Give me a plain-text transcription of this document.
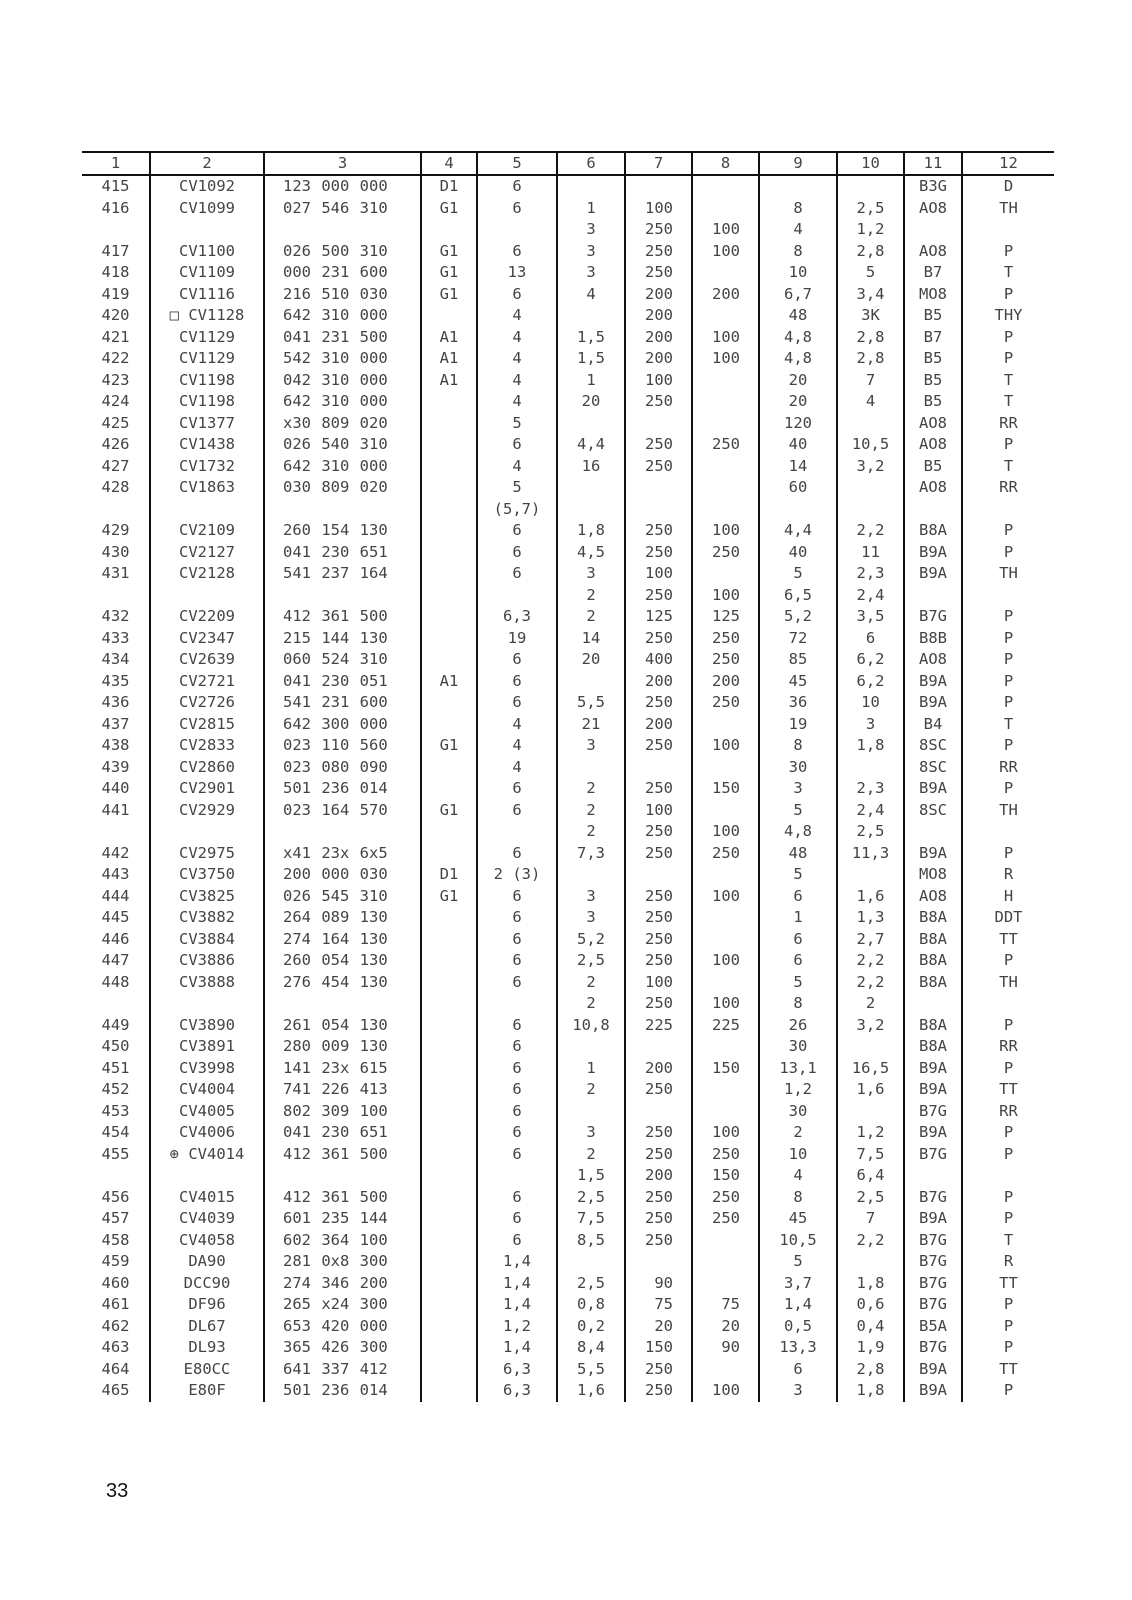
1	2	3	4	5	6	7	8	9	10	11	12
415	CV1092	123 000 000	D1	6						B3G	D
416	CV1099	027 546 310	G1	6	1	100		8	2,5	AO8	TH
					3	250	100	4	1,2		
417	CV1100	026 500 310	G1	6	3	250	100	8	2,8	AO8	P
418	CV1109	000 231 600	G1	13	3	250		10	5	B7	T
419	CV1116	216 510 030	G1	6	4	200	200	6,7	3,4	MO8	P
420	□ CV1128	642 310 000		4		200		48	3K	B5	THY
421	CV1129	041 231 500	A1	4	1,5	200	100	4,8	2,8	B7	P
422	CV1129	542 310 000	A1	4	1,5	200	100	4,8	2,8	B5	P
423	CV1198	042 310 000	A1	4	1	100		20	7	B5	T
424	CV1198	642 310 000		4	20	250		20	4	B5	T
425	CV1377	x30 809 020		5				120		AO8	RR
426	CV1438	026 540 310		6	4,4	250	250	40	10,5	AO8	P
427	CV1732	642 310 000		4	16	250		14	3,2	B5	T
428	CV1863	030 809 020		5				60		AO8	RR
				(5,7)							
429	CV2109	260 154 130		6	1,8	250	100	4,4	2,2	B8A	P
430	CV2127	041 230 651		6	4,5	250	250	40	11	B9A	P
431	CV2128	541 237 164		6	3	100		5	2,3	B9A	TH
					2	250	100	6,5	2,4		
432	CV2209	412 361 500		6,3	2	125	125	5,2	3,5	B7G	P
433	CV2347	215 144 130		19	14	250	250	72	6	B8B	P
434	CV2639	060 524 310		6	20	400	250	85	6,2	AO8	P
435	CV2721	041 230 051	A1	6		200	200	45	6,2	B9A	P
436	CV2726	541 231 600		6	5,5	250	250	36	10	B9A	P
437	CV2815	642 300 000		4	21	200		19	3	B4	T
438	CV2833	023 110 560	G1	4	3	250	100	8	1,8	8SC	P
439	CV2860	023 080 090		4				30		8SC	RR
440	CV2901	501 236 014		6	2	250	150	3	2,3	B9A	P
441	CV2929	023 164 570	G1	6	2	100		5	2,4	8SC	TH
					2	250	100	4,8	2,5		
442	CV2975	x41 23x 6x5		6	7,3	250	250	48	11,3	B9A	P
443	CV3750	200 000 030	D1	2 (3)				5		MO8	R
444	CV3825	026 545 310	G1	6	3	250	100	6	1,6	AO8	H
445	CV3882	264 089 130		6	3	250		1	1,3	B8A	DDT
446	CV3884	274 164 130		6	5,2	250		6	2,7	B8A	TT
447	CV3886	260 054 130		6	2,5	250	100	6	2,2	B8A	P
448	CV3888	276 454 130		6	2	100		5	2,2	B8A	TH
					2	250	100	8	2		
449	CV3890	261 054 130		6	10,8	225	225	26	3,2	B8A	P
450	CV3891	280 009 130		6				30		B8A	RR
451	CV3998	141 23x 615		6	1	200	150	13,1	16,5	B9A	P
452	CV4004	741 226 413		6	2	250		1,2	1,6	B9A	TT
453	CV4005	802 309 100		6				30		B7G	RR
454	CV4006	041 230 651		6	3	250	100	2	1,2	B9A	P
455	⊕ CV4014	412 361 500		6	2	250	250	10	7,5	B7G	P
					1,5	200	150	4	6,4		
456	CV4015	412 361 500		6	2,5	250	250	8	2,5	B7G	P
457	CV4039	601 235 144		6	7,5	250	250	45	7	B9A	P
458	CV4058	602 364 100		6	8,5	250		10,5	2,2	B7G	T
459	DA90	281 0x8 300		1,4				5		B7G	R
460	DCC90	274 346 200		1,4	2,5	90		3,7	1,8	B7G	TT
461	DF96	265 x24 300		1,4	0,8	75	75	1,4	0,6	B7G	P
462	DL67	653 420 000		1,2	0,2	20	20	0,5	0,4	B5A	P
463	DL93	365 426 300		1,4	8,4	150	90	13,3	1,9	B7G	P
464	E80CC	641 337 412		6,3	5,5	250		6	2,8	B9A	TT
465	E80F	501 236 014		6,3	1,6	250	100	3	1,8	B9A	P
33
